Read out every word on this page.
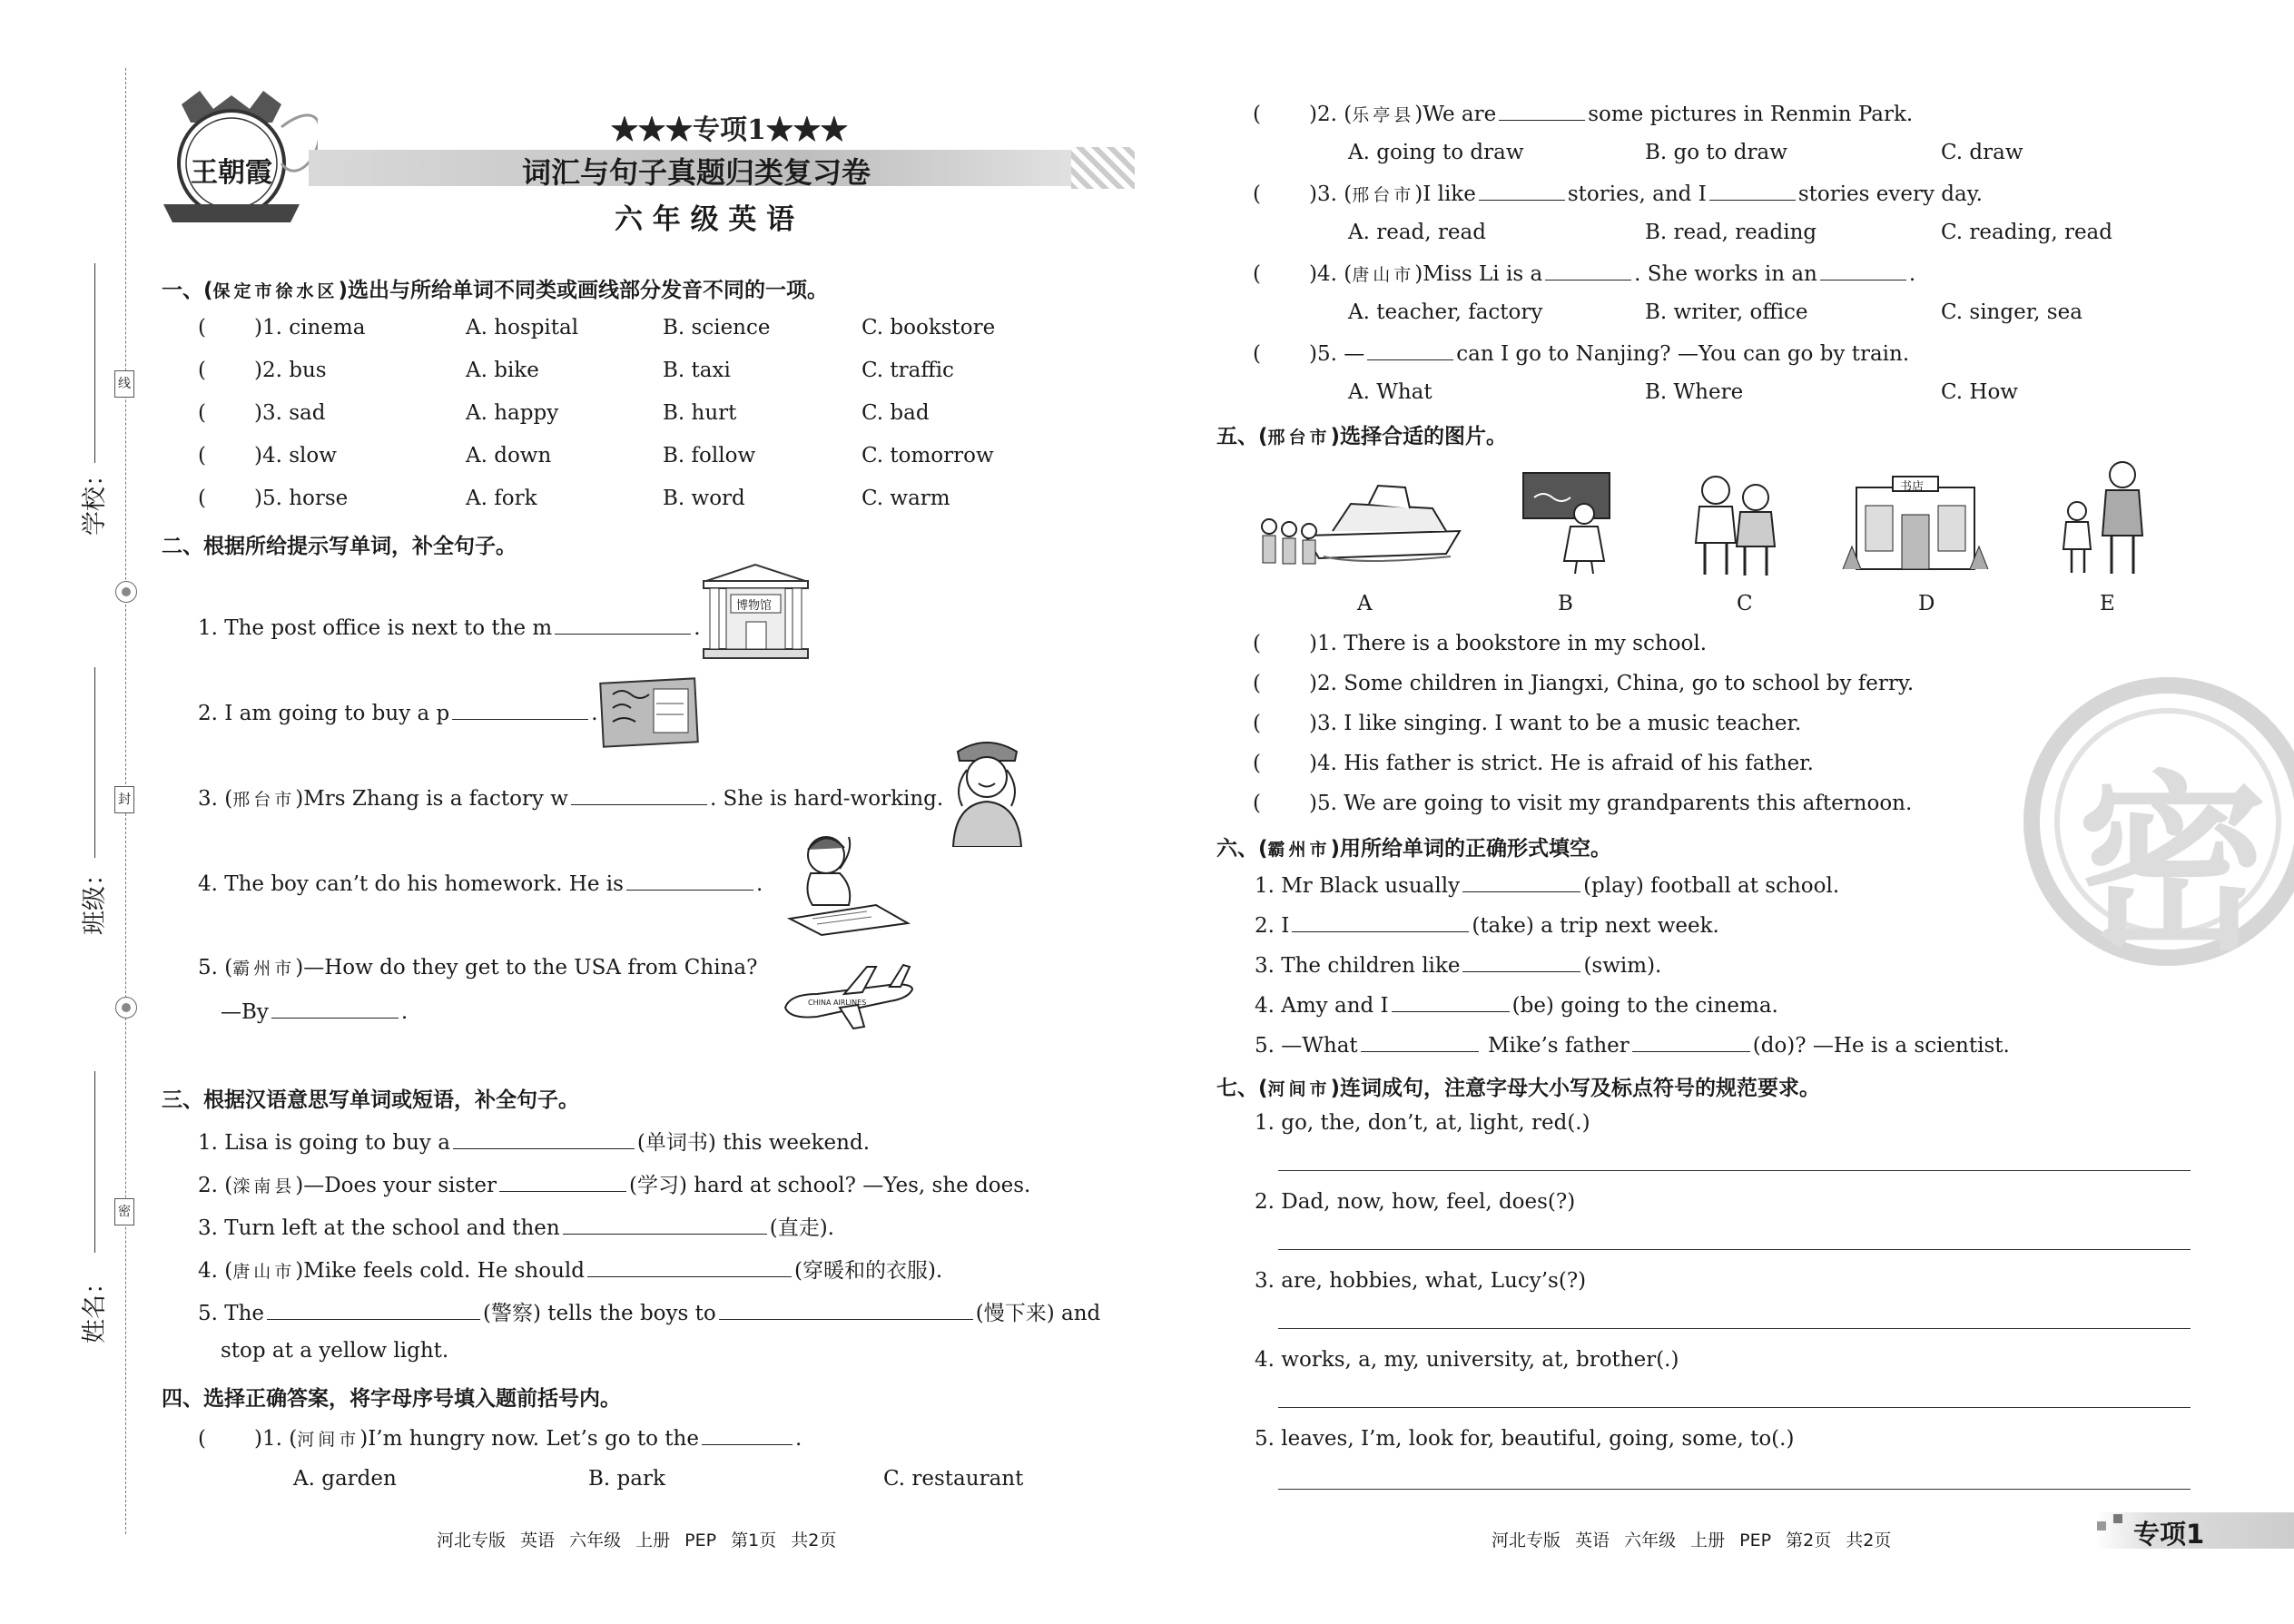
线
封
密
学校：
班级：
姓名：
王朝霞
★★★专项1★★★
词汇与句子真题归类复习卷
六 年 级 英 语
一、(保定市徐水区)选出与所给单词不同类或画线部分发音不同的一项。
( )1. cinema	A. hospital	B. science	C. bookstore
( )2. bus	A. bike	B. taxi	C. traffic
( )3. sad	A. happy	B. hurt	C. bad
( )4. slow	A. down	B. follow	C. tomorrow
( )5. horse	A. fork	B. word	C. warm
二、根据所给提示写单词，补全句子。
1. The post office is next to the m	.
博物馆
2. I am going to buy a p	.
3. (邢台市)Mrs Zhang is a factory w	. She is hard-working.
4. The boy can’t do his homework. He is	.
5. (霸州市)—How do they get to the USA from China?
—By	.	CHINA AIRLINES
三、根据汉语意思写单词或短语，补全句子。
1. Lisa is going to buy a	(单词书) this weekend.
2. (滦南县)—Does your sister	(学习) hard at school? —Yes, she does.
3. Turn left at the school and then	(直走).
4. (唐山市)Mike feels cold. He should	(穿暖和的衣服).
5. The	(警察) tells the boys to	(慢下来) and
stop at a yellow light.
四、选择正确答案，将字母序号填入题前括号内。
( )1. (河间市)I’m hungry now. Let’s go to the	.
A. garden	B. park	C. restaurant
( )2. (乐亭县)We are	some pictures in Renmin Park.
A. going to draw	B. go to draw	C. draw
( )3. (邢台市)I like	stories, and I	stories every day.
A. read, read	B. read, reading	C. reading, read
( )4. (唐山市)Miss Li is a	. She works in an	.
A. teacher, factory	B. writer, office	C. singer, sea
( )5. —	can I go to Nanjing? —You can go by train.
A. What	B. Where	C. How
五、(邢台市)选择合适的图片。
书店
A	B	C	D	E
( )1. There is a bookstore in my school.
( )2. Some children in Jiangxi, China, go to school by ferry.
( )3. I like singing. I want to be a music teacher.
( )4. His father is strict. He is afraid of his father.
( )5. We are going to visit my grandparents this afternoon. 密
六、(霸州市)用所给单词的正确形式填空。
1. Mr Black usually	(play) football at school.
2. I	(take) a trip next week.
3. The children like	(swim).
4. Amy and I	(be) going to the cinema.
5. —What	Mike’s father	(do)? —He is a scientist.
七、(河间市)连词成句，注意字母大小写及标点符号的规范要求。
1. go, the, don’t, at, light, red(.)
2. Dad, now, how, feel, does(?)
3. are, hobbies, what, Lucy’s(?)
4. works, a, my, university, at, brother(.)
5. leaves, I’m, look for, beautiful, going, some, to(.)
河北专版 英语 六年级 上册 PEP 第1页 共2页	河北专版 英语 六年级 上册 PEP 第2页 共2页	专项1
